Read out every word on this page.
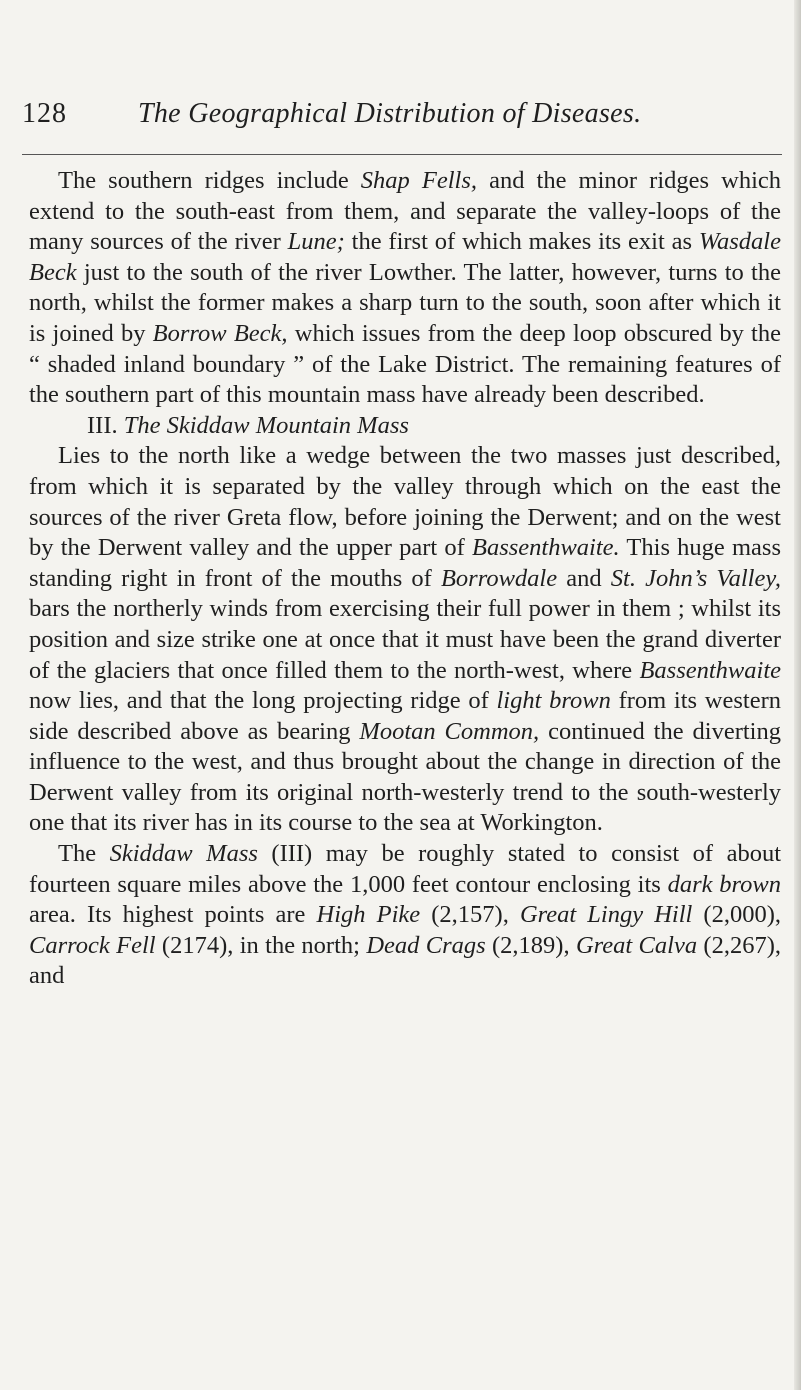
128	The Geographical Distribution of Diseases.

The southern ridges include Shap Fells, and the minor ridges which extend to the south-east from them, and separate the valley-loops of the many sources of the river Lune; the first of which makes its exit as Wasdale Beck just to the south of the river Lowther. The latter, however, turns to the north, whilst the former makes a sharp turn to the south, soon after which it is joined by Borrow Beck, which issues from the deep loop obscured by the “ shaded inland boundary ” of the Lake District. The remaining features of the southern part of this mountain mass have already been described.

III. The Skiddaw Mountain Mass

Lies to the north like a wedge between the two masses just described, from which it is separated by the valley through which on the east the sources of the river Greta flow, before joining the Derwent; and on the west by the Derwent valley and the upper part of Bassenthwaite. This huge mass standing right in front of the mouths of Borrowdale and St. John’s Valley, bars the northerly winds from exercising their full power in them ; whilst its position and size strike one at once that it must have been the grand diverter of the glaciers that once filled them to the north-west, where Bassenthwaite now lies, and that the long projecting ridge of light brown from its western side described above as bearing Mootan Common, continued the diverting influence to the west, and thus brought about the change in direction of the Derwent valley from its original north-westerly trend to the south-westerly one that its river has in its course to the sea at Workington.

The Skiddaw Mass (III) may be roughly stated to consist of about fourteen square miles above the 1,000 feet contour enclosing its dark brown area. Its highest points are High Pike (2,157), Great Lingy Hill (2,000), Carrock Fell (2174), in the north; Dead Crags (2,189), Great Calva (2,267), and
